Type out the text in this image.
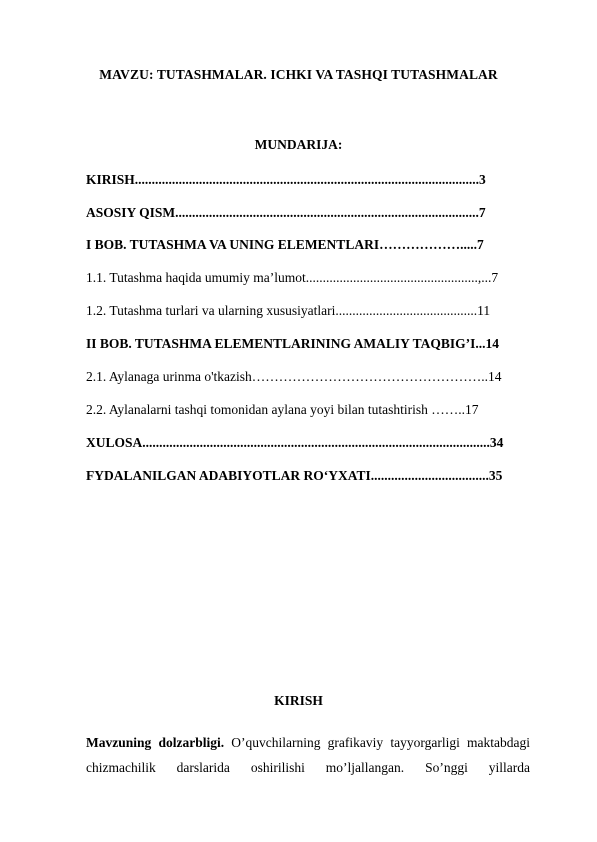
MAVZU: TUTASHMALAR. ICHKI VA TASHQI TUTASHMALAR
MUNDARIJA:
KIRISH......................................................................................................3
ASOSIY QISM..........................................................................................7
I BOB. TUTASHMA VA UNING ELEMENTLARI……………….....7
1.1. Tutashma haqida umumiy ma’lumot...................................................,...7
1.2. Tutashma turlari va ularning xususiyatlari..........................................11
II BOB. TUTASHMA ELEMENTLARINING AMALIY TAQBIG’I...14
2.1. Aylanaga urinma o'tkazish……………………………………………..14
2.2. Aylanalarni tashqi tomonidan aylana yoyi bilan tutashtirish ……..17
XULOSA.......................................................................................................34
FYDALANILGAN ADABIYOTLAR RO‘YXATI...................................35
KIRISH
Mavzuning dolzarbligi. O’quvchilarning grafikaviy tayyorgarligi maktabdagi chizmachilik darslarida oshirilishi mo’ljallangan. So’nggi yillarda
